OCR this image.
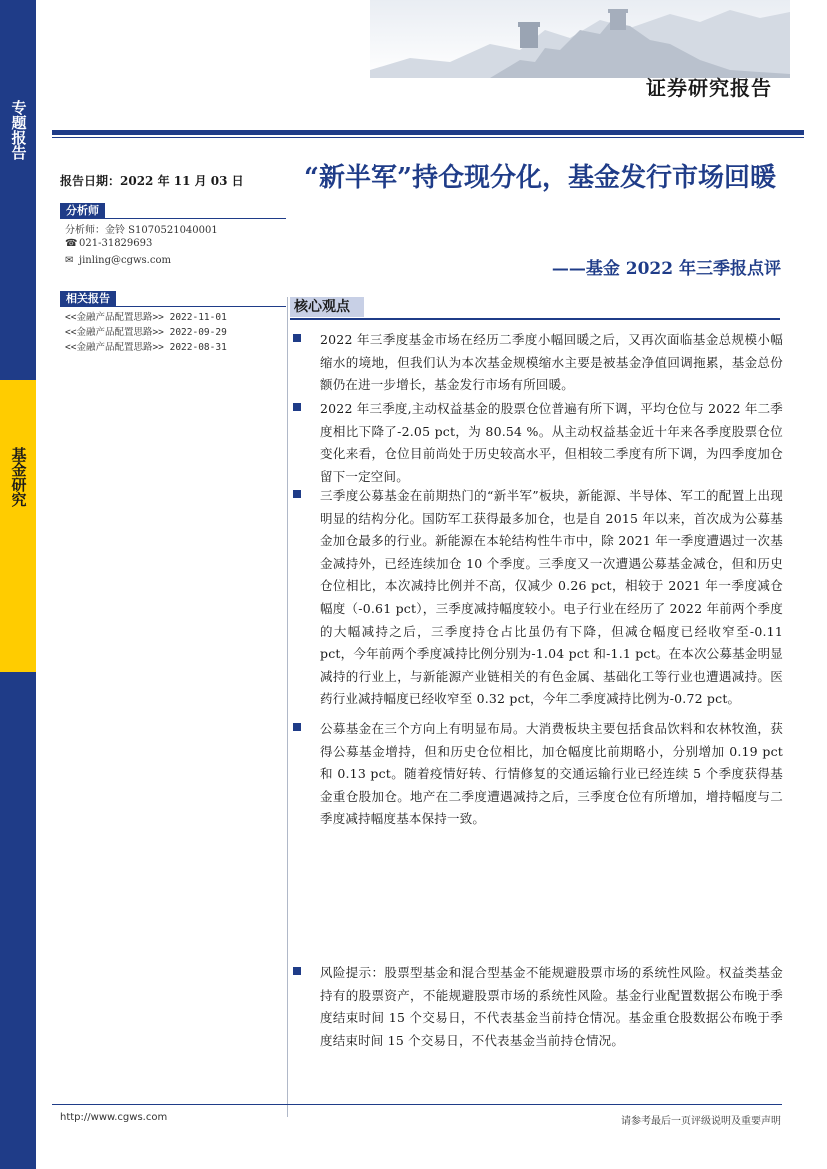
专题报告
基金研究
证券研究报告
报告日期：2022 年 11 月 03 日
分析师
分析师：金铃 S1070521040001
☎ 021-31829693
✉ jinling@cgws.com
相关报告
<<金融产品配置思路>> 2022-11-01
<<金融产品配置思路>> 2022-09-29
<<金融产品配置思路>> 2022-08-31
“新半军”持仓现分化，基金发行市场回暖
——基金 2022 年三季报点评
核心观点
2022 年三季度基金市场在经历二季度小幅回暖之后，又再次面临基金总规模小幅缩水的境地，但我们认为本次基金规模缩水主要是被基金净值回调拖累，基金总份额仍在进一步增长，基金发行市场有所回暖。
2022 年三季度,主动权益基金的股票仓位普遍有所下调，平均仓位与 2022 年二季度相比下降了-2.05 pct，为 80.54 %。从主动权益基金近十年来各季度股票仓位变化来看，仓位目前尚处于历史较高水平，但相较二季度有所下调，为四季度加仓留下一定空间。
三季度公募基金在前期热门的“新半军”板块，新能源、半导体、军工的配置上出现明显的结构分化。国防军工获得最多加仓，也是自 2015 年以来，首次成为公募基金加仓最多的行业。新能源在本轮结构性牛市中，除 2021 年一季度遭遇过一次基金减持外，已经连续加仓 10 个季度。三季度又一次遭遇公募基金减仓，但和历史仓位相比，本次减持比例并不高，仅减少 0.26 pct，相较于 2021 年一季度减仓幅度（-0.61 pct），三季度减持幅度较小。电子行业在经历了 2022 年前两个季度的大幅减持之后，三季度持仓占比虽仍有下降，但减仓幅度已经收窄至-0.11 pct，今年前两个季度减持比例分别为-1.04 pct 和-1.1 pct。在本次公募基金明显减持的行业上，与新能源产业链相关的有色金属、基础化工等行业也遭遇减持。医药行业减持幅度已经收窄至 0.32 pct，今年二季度减持比例为-0.72 pct。
公募基金在三个方向上有明显布局。大消费板块主要包括食品饮料和农林牧渔，获得公募基金增持，但和历史仓位相比，加仓幅度比前期略小，分别增加 0.19 pct 和 0.13 pct。随着疫情好转、行情修复的交通运输行业已经连续 5 个季度获得基金重仓股加仓。地产在二季度遭遇减持之后，三季度仓位有所增加，增持幅度与二季度减持幅度基本保持一致。
风险提示：股票型基金和混合型基金不能规避股票市场的系统性风险。权益类基金持有的股票资产，不能规避股票市场的系统性风险。基金行业配置数据公布晚于季度结束时间 15 个交易日，不代表基金当前持仓情况。基金重仓股数据公布晚于季度结束时间 15 个交易日，不代表基金当前持仓情况。
http://www.cgws.com	请参考最后一页评级说明及重要声明
